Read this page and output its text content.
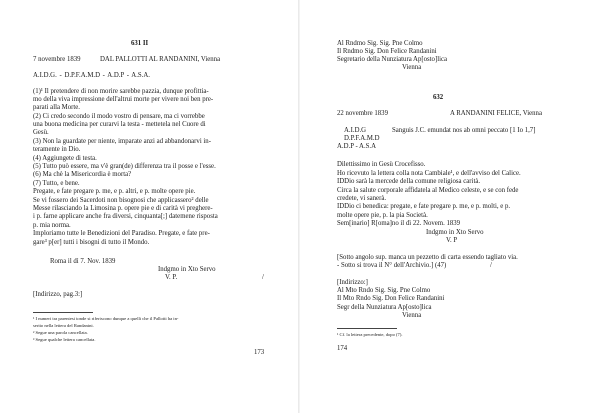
631 II
7 novembre 1839	DAL PALLOTTI AL RANDANINI, Vienna
A.I.D.G. - D.P.F.A.M.D - A.D.P - A.S.A.
(1)¹ Il pretendere di non morire sarebbe pazzia, dunque profittia-
mo della viva impressione dell'altrui morte per vivere noi ben pre-
parati alla Morte.
(2) Ci credo secondo il modo vostro di pensare, ma ci vorrebbe
una buona medicina per curarvi la testa - mettetela nel Cuore di
Gesù.
(3) Non la guardate per niente, imparate anzi ad abbandonarvi in-
teramente in Dio.
(4) Aggiungete di testa.
(5) Tutto può essere, ma v'è gran(de) differenza tra il posse e l'esse.
(6) Ma chè la Misericordia è morta?
(7) Tutto, e bene.
Pregate, e fate pregare p. me, e p. altri, e p. molte opere pie.
Se vi fossero dei Sacerdoti non bisognosi che applicassero² delle
Messe rilasciando la Limosina p. opere pie e di carità vi preghere-
i p. farne applicare anche fra diversi, cinquanta[;] datemene risposta
p. mia norma.
Imploriamo tutte le Benedizioni del Paradiso. Pregate, e fate pre-
gare³ p[er] tutti i bisogni di tutto il Mondo.
Roma il dì 7. Nov. 1839
Indgmo in Xto Servo
V. P.	/
[Indirizzo, pag.3:]
¹ I numeri tra parentesi tonde si riferiscono dunque a quelli che il Pallotti ha in-
serito nella lettera del Randanini.
² Segue una parola cancellata.
³ Segue qualche lettera cancellata.
173
Al Rndmo Sig. Sig. Pne Colmo
Il Rndmo Sig. Don Felice Randanini
Segretario della Nunziatura Ap[osto]lica
Vienna
632
22 novembre 1839	A RANDANINI FELICE, Vienna
A.I.D.G
D.P.F.A.M.D
A.D.P - A.S.A
Sanguis J.C. emundat nos ab omni peccato [1 Io 1,7]
Dilettissimo in Gesù Crocefisso.
Ho ricevuto la lettera colla nota Cambiale¹, e dell'avviso del Calice.
IDDio sarà la mercede della comune religiosa carità.
Circa la salute corporale affidatela al Medico celeste, e se con fede
credete, vi sanerà.
IDDio ci benedica: pregate, e fate pregare p. me, e p. molti, e p.
molte opere pie, p. la pia Società.
Sem[inario] R[oma]no il dì 22. Novem. 1839
Indgmo in Xto Servo
V. P
[Sotto angolo sup. manca un pezzetto di carta essendo tagliato via.
- Sotto si trova il N° dell'Archivio.] (47)	/
[Indirizzo:]
Al Mto Rndo Sig. Sig. Pne Colmo
Il Mto Rndo Sig. Don Felice Randanini
Segr della Nunziatura Ap[osto]lica
Vienna
¹ Cf. la lettera precedente, dopo (7).
174
